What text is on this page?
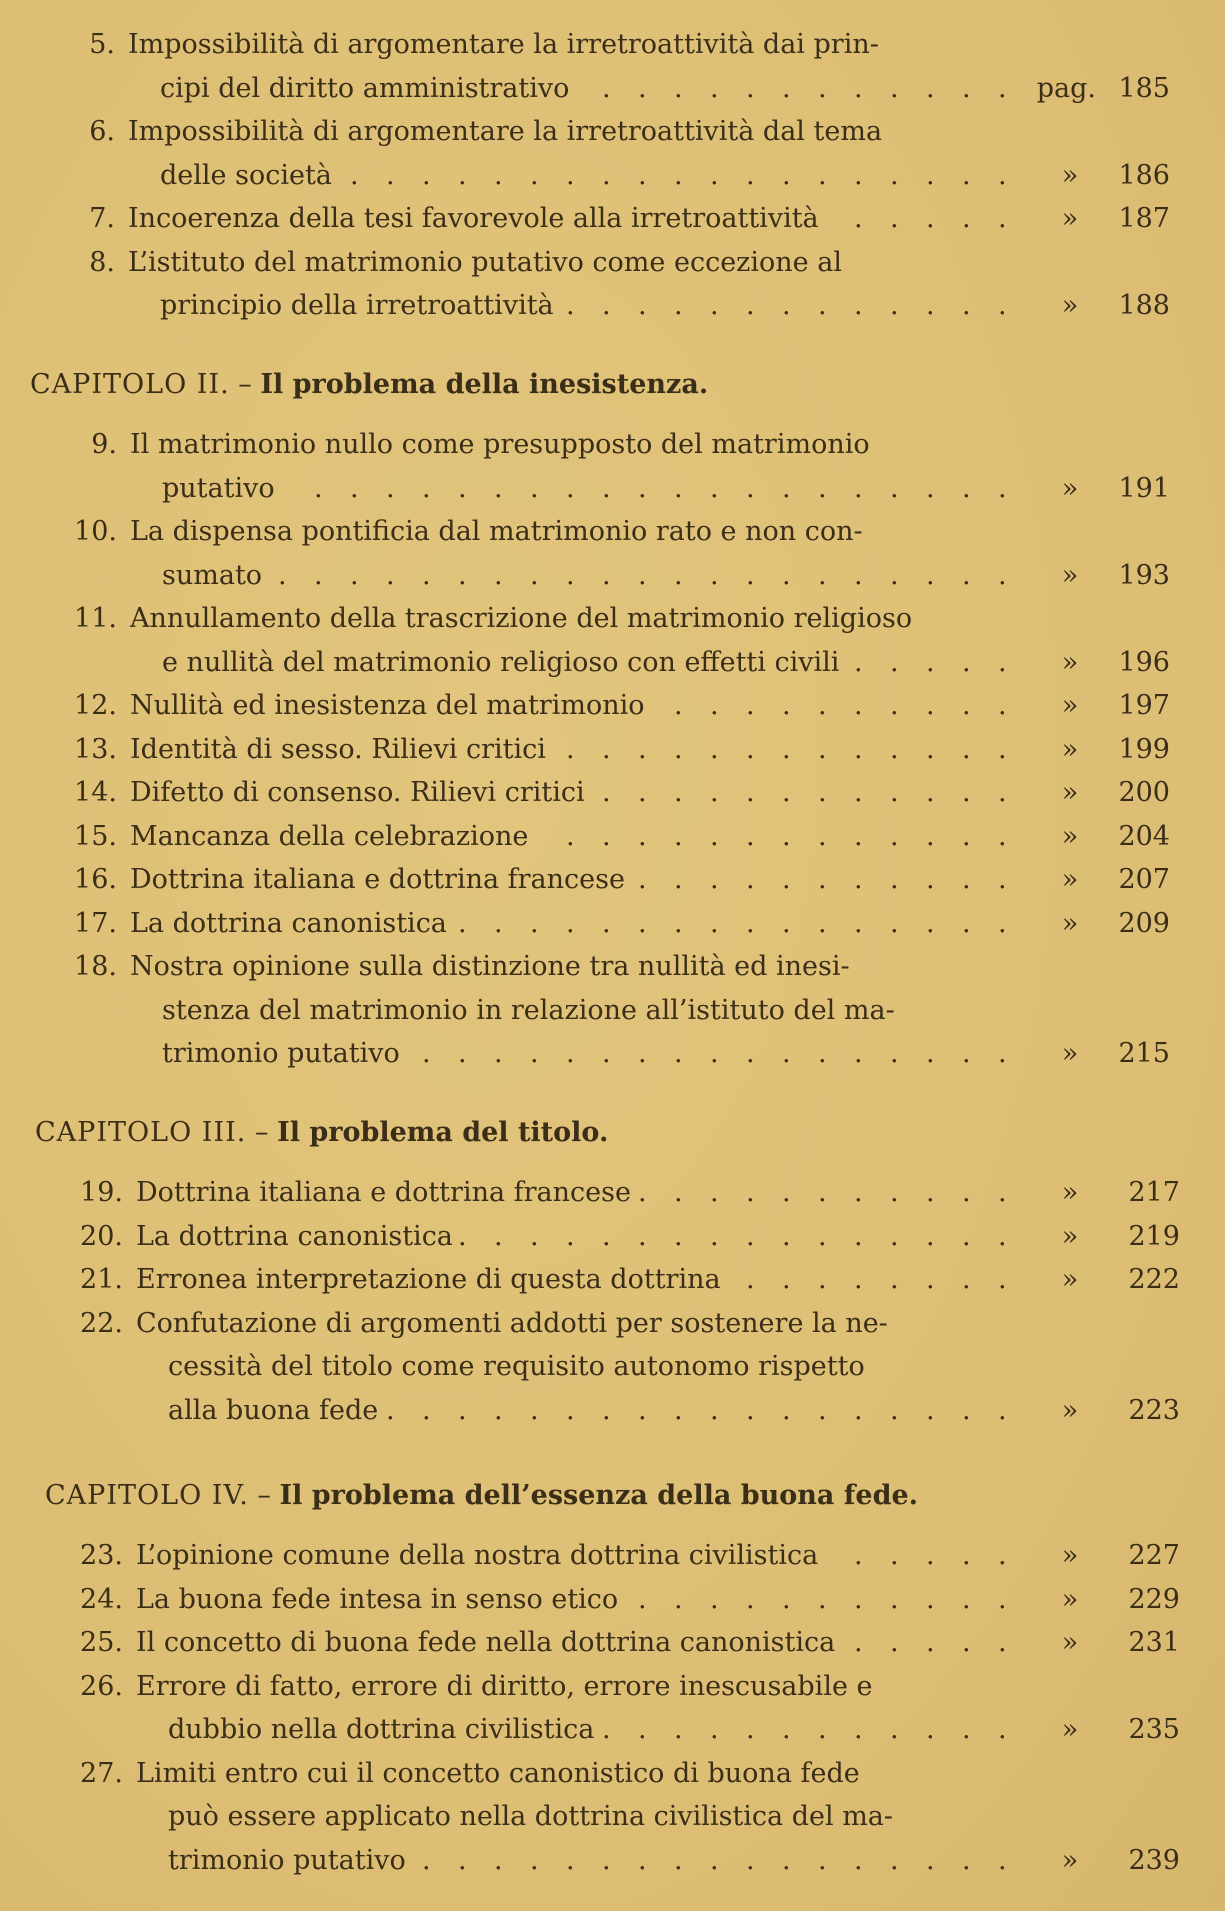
5. Impossibilità di argomentare la irretroattività dai prin-
cipi del diritto amministrativo . . . . . . . . . . . . pag. 185
6. Impossibilità di argomentare la irretroattività dal tema
delle società . . . . . . . . . . . . . . . . . . . »	186
7. Incoerenza della tesi favorevole alla irretroattività . . . . . »	187
8. L’istituto del matrimonio putativo come eccezione al
principio della irretroattività . . . . . . . . . . . . . »	188
CAPITOLO II. – Il problema della inesistenza.
9. Il matrimonio nullo come presupposto del matrimonio
putativo . . . . . . . . . . . . . . . . . . . . »	191
10. La dispensa pontificia dal matrimonio rato e non con-
sumato . . . . . . . . . . . . . . . . . . . . . »	193
11. Annullamento della trascrizione del matrimonio religioso
e nullità del matrimonio religioso con effetti civili . . . . . »	196
12. Nullità ed inesistenza del matrimonio . . . . . . . . . . »	197
13. Identità di sesso. Rilievi critici . . . . . . . . . . . . . »	199
14. Difetto di consenso. Rilievi critici . . . . . . . . . . . . »	200
15. Mancanza della celebrazione . . . . . . . . . . . . . »	204
16. Dottrina italiana e dottrina francese . . . . . . . . . . . »	207
17. La dottrina canonistica . . . . . . . . . . . . . . . . »	209
18. Nostra opinione sulla distinzione tra nullità ed inesi-
stenza del matrimonio in relazione all’istituto del ma-
trimonio putativo . . . . . . . . . . . . . . . . . »	215
CAPITOLO III. – Il problema del titolo.
19. Dottrina italiana e dottrina francese . . . . . . . . . . . »	217
20. La dottrina canonistica . . . . . . . . . . . . . . . . »	219
21. Erronea interpretazione di questa dottrina . . . . . . . . »	222
22. Confutazione di argomenti addotti per sostenere la ne-
cessità del titolo come requisito autonomo rispetto
alla buona fede . . . . . . . . . . . . . . . . . . »	223
CAPITOLO IV. – Il problema dell’essenza della buona fede.
23. L’opinione comune della nostra dottrina civilistica . . . . . »	227
24. La buona fede intesa in senso etico . . . . . . . . . . . »	229
25. Il concetto di buona fede nella dottrina canonistica . . . . . »	231
26. Errore di fatto, errore di diritto, errore inescusabile e
dubbio nella dottrina civilistica . . . . . . . . . . . . »	235
27. Limiti entro cui il concetto canonistico di buona fede
può essere applicato nella dottrina civilistica del ma-
trimonio putativo . . . . . . . . . . . . . . . . . »	239
